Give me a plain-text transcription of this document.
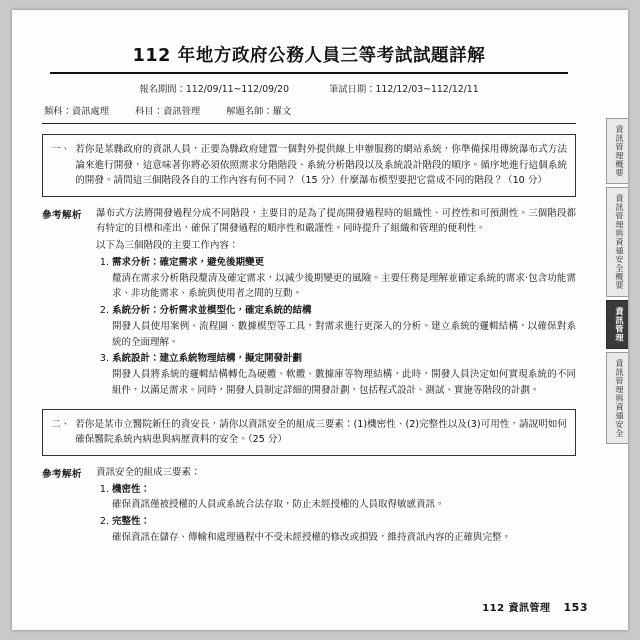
112 年地方政府公務人員三等考試試題詳解
報名期間：112/09/11~112/09/20	筆試日期：112/12/03~112/12/11
類科：資訊處理	科目：資訊管理	解題名師：羅文
一、 若你是某縣政府的資訊人員，正要為縣政府建置一個對外提供線上申辦服務的網站系統，你準備採用傳統瀑布式方法論來進行開發，這意味著你將必須依照需求分階階段、系統分析階段以及系統設計階段的順序。循序地進行這個系統的開發。請問這三個階段各自的工作內容有何不同？（15 分）什麼瀑布模型要把它當成不同的階段？（10 分）
參考解析	瀑布式方法將開發過程分成不同階段，主要目的是為了提高開發過程時的組織性、可控性和可預測性。三個階段都有特定的目標和產出，確保了開發過程的順序性和嚴謹性。同時提升了組織和管理的便利性。

以下為三個階段的主要工作內容：

1. 需求分析：確定需求，避免後期變更
釐清在需求分析階段釐清及確定需求，以減少後期變更的風險。主要任務是理解並確定系統的需求·包含功能需求、非功能需求、系統與使用者之間的互動。
2. 系統分析：分析需求並模型化，確定系統的結構
開發人員使用案例、流程圖、數據模型等工具，對需求進行更深入的分析。建立系統的邏輯結構，以確保對系統的全面理解。
3. 系統設計：建立系統物理結構，擬定開發計劃
開發人員將系統的邏輯結構轉化為硬體、軟體、數據庫等物理結構，此時，開發人員決定如何實現系統的不同組件，以滿足需求。同時，開發人員制定詳細的開發計劃，包括程式設計、測試、實施等階段的計劃。
二、 若你是某市立醫院新任的資安長，請你以資訊安全的組成三要素：(1)機密性、(2)完整性以及(3)可用性，請說明如何確保醫院系統內病患與病歷資料的安全。（25 分）
參考解析	資訊安全的組成三要素：

1. 機密性：
確保資訊僅被授權的人員或系統合法存取，防止未經授權的人員取得敏感資訊。
2. 完整性：
確保資訊在儲存、傳輸和處理過程中不受未經授權的修改或損毀，維持資訊內容的正確與完整。
112 資訊管理 153
資訊管理概要
資訊管理與資通安全概要
資訊管理
資訊管理與資通安全
